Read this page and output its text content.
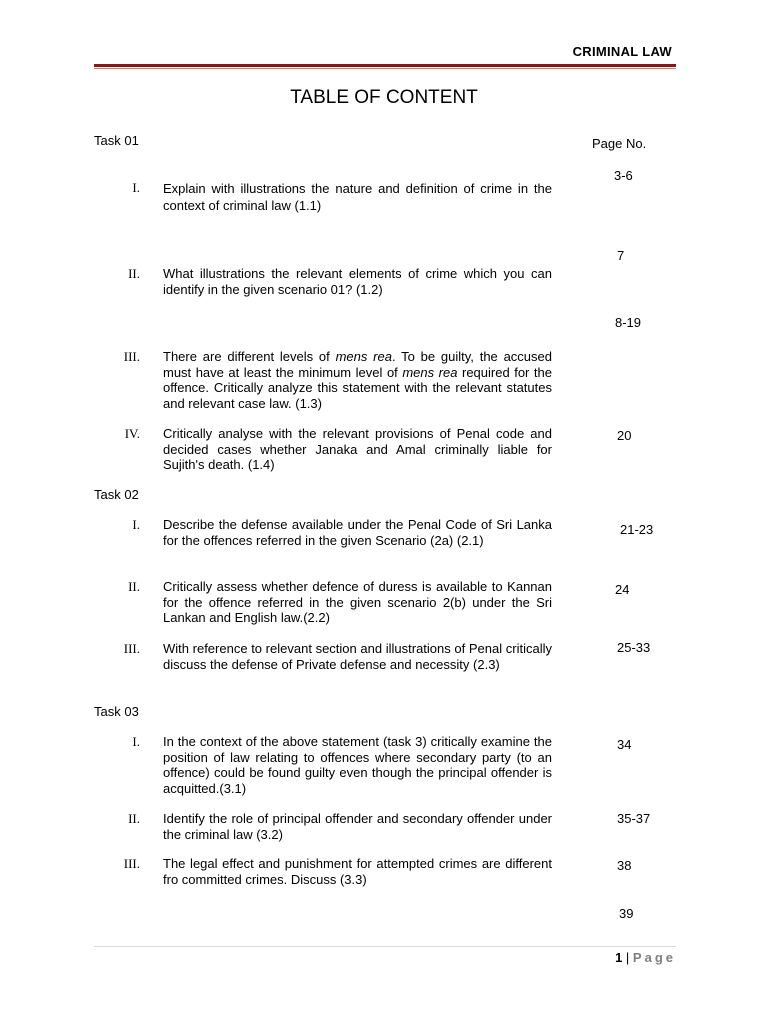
CRIMINAL LAW
TABLE OF CONTENT
Task 01	Page No.
I. Explain with illustrations the nature and definition of crime in the context of criminal law (1.1)
3-6
7
II. What illustrations the relevant elements of crime which you can identify in the given scenario 01? (1.2)
8-19
III. There are different levels of mens rea. To be guilty, the accused must have at least the minimum level of mens rea required for the offence. Critically analyze this statement with the relevant statutes and relevant case law. (1.3)
IV. Critically analyse with the relevant provisions of Penal code and decided cases whether Janaka and Amal criminally liable for Sujith's death. (1.4)
20
Task 02
I. Describe the defense available under the Penal Code of Sri Lanka for the offences referred in the given Scenario (2a) (2.1)
21-23
II. Critically assess whether defence of duress is available to Kannan for the offence referred in the given scenario 2(b) under the Sri Lankan and English law.(2.2)
24
III. With reference to relevant section and illustrations of Penal critically discuss the defense of Private defense and necessity (2.3)
25-33
Task 03
I. In the context of the above statement (task 3) critically examine the position of law relating to offences where secondary party (to an offence) could be found guilty even though the principal offender is acquitted.(3.1)
34
II. Identify the role of principal offender and secondary offender under the criminal law (3.2)
35-37
III. The legal effect and punishment for attempted crimes are different fro committed crimes. Discuss (3.3)
38
39
1 | Page
